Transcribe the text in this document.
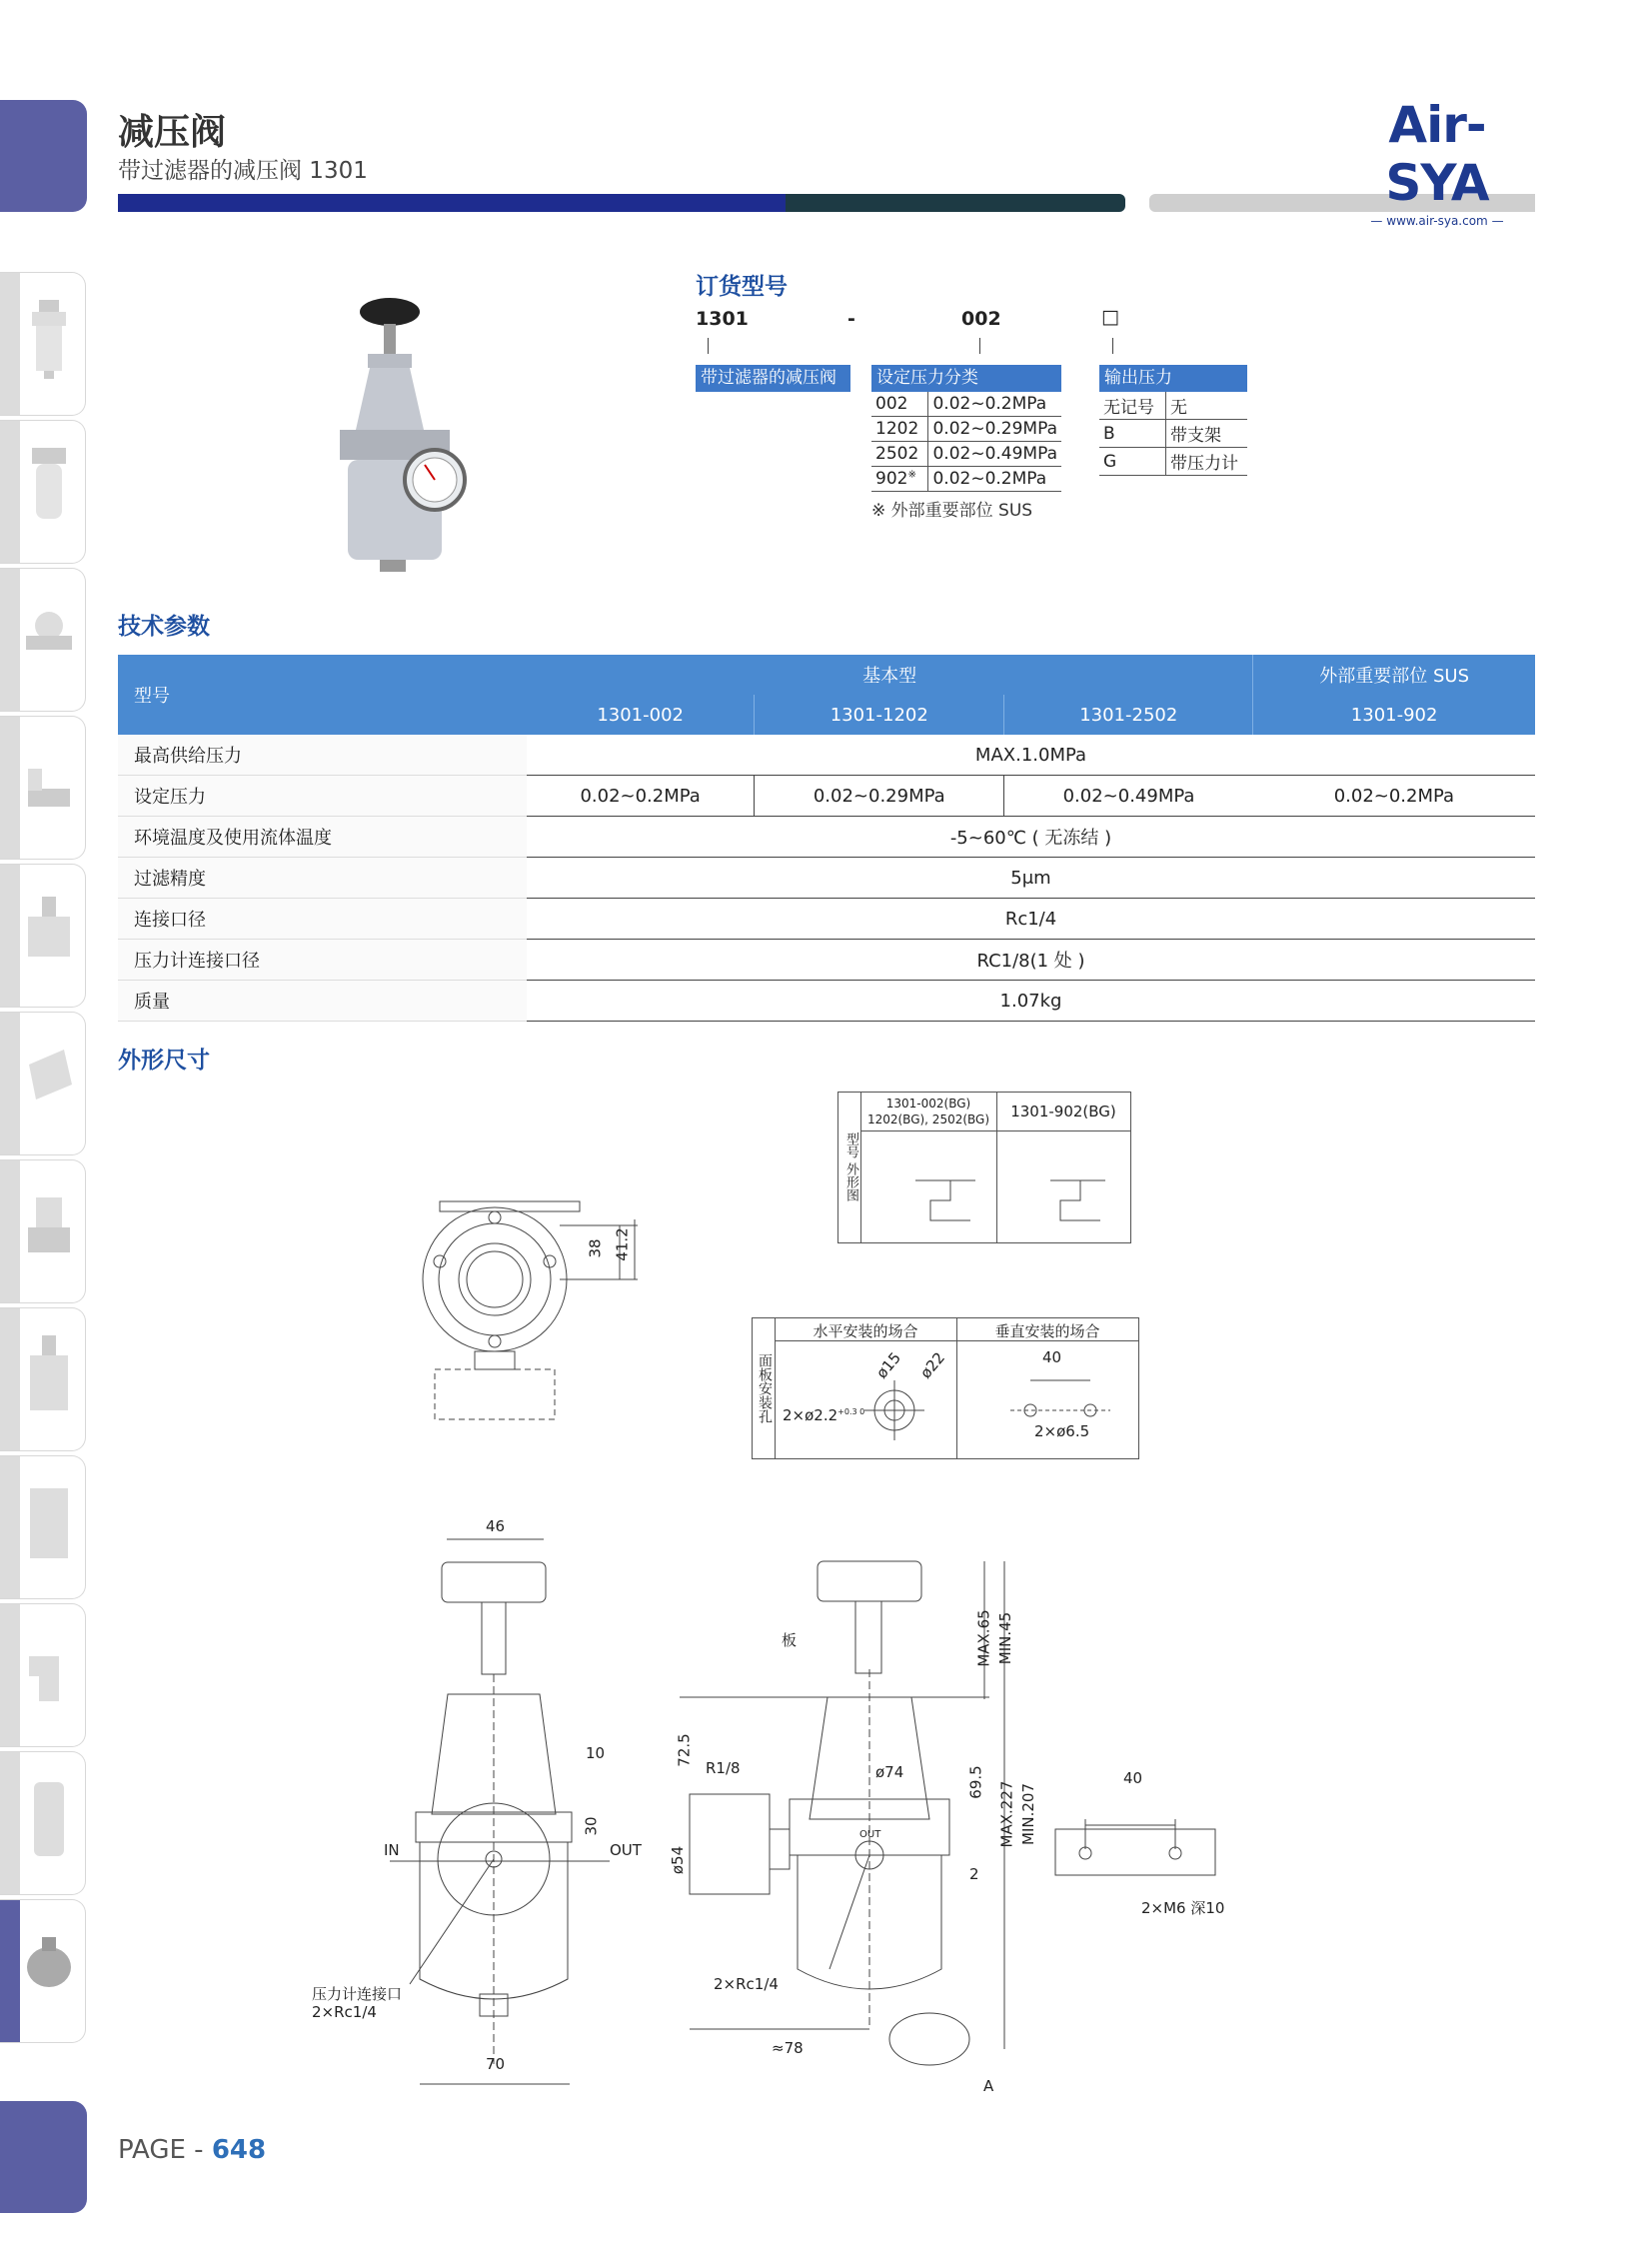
减压阀
带过滤器的减压阀 1301
Air-SYA
— www.air-sya.com —
订货型号
1301	-	002	□
带过滤器的减压阀	设定压力分类
002	0.02~0.2MPa
1202	0.02~0.29MPa
2502	0.02~0.49MPa
902※	0.02~0.2MPa
※ 外部重要部位 SUS
输出压力
无记号	无
B	带支架
G	带压力计
技术参数
型号	基本型			外部重要部位 SUS
	1301-002	1301-1202	1301-2502	1301-902
最高供给压力	MAX.1.0MPa			
设定压力	0.02~0.2MPa	0.02~0.29MPa	0.02~0.49MPa	0.02~0.2MPa
环境温度及使用流体温度	-5~60℃ ( 无冻结 )			
过滤精度	5μm			
连接口径	Rc1/4			
压力计连接口径	RC1/8(1 处 )			
质量	1.07kg			
外形尺寸
型号 外形图
1301-002(BG)
1202(BG), 2502(BG)	1301-902(BG)
面板安装孔
水平安装的场合	垂直安装的场合
ø15 ø22
$2\times ø2.2^{+0.3 0}$
40
2×ø6.5
38 41.2
46
10
30
IN	OUT
70
压力计连接口
2×Rc1/4
板
R1/8	ø74
72.5
ø54
MAX.65 MIN.45
69.5 MAX.227 MIN.207
2
OUT
2×Rc1/4
≈78
A
40
2×M6 深10
PAGE - 648
